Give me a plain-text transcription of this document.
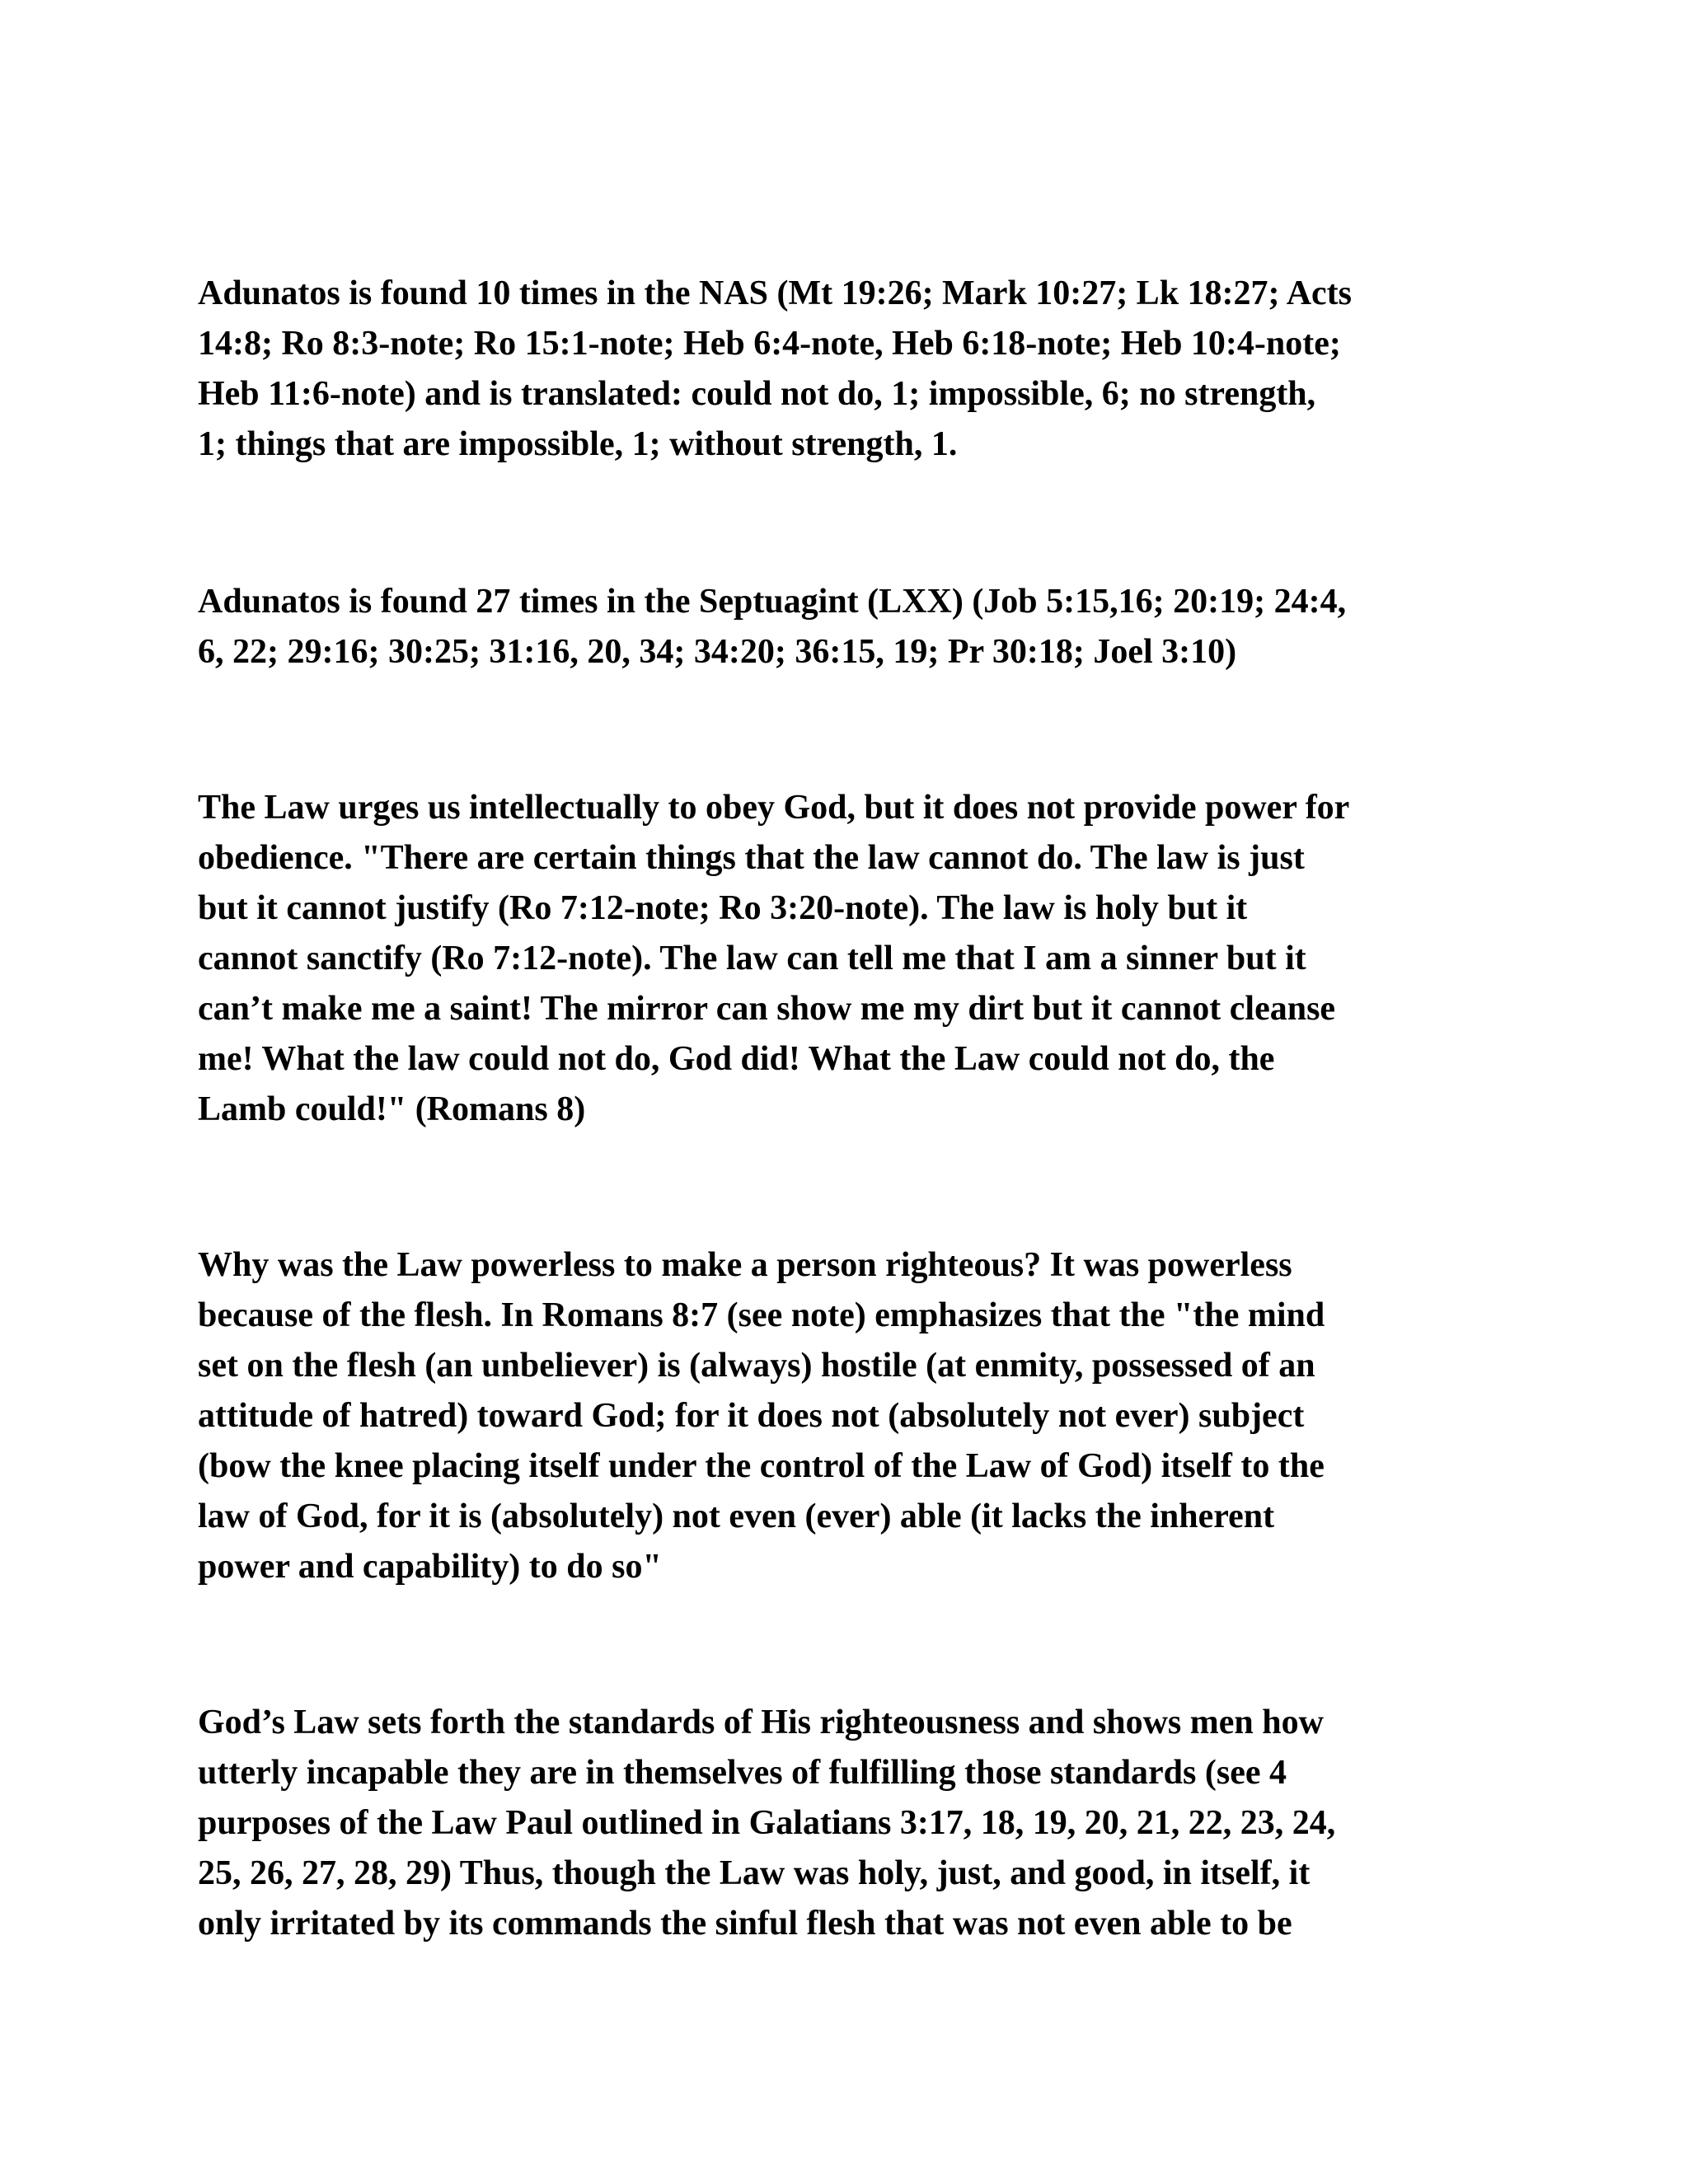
Adunatos is found 10 times in the NAS (Mt 19:26; Mark 10:27; Lk 18:27; Acts
14:8; Ro 8:3-note; Ro 15:1-note; Heb 6:4-note, Heb 6:18-note; Heb 10:4-note;
Heb 11:6-note) and is translated: could not do, 1; impossible, 6; no strength,
1; things that are impossible, 1; without strength, 1.

Adunatos is found 27 times in the Septuagint (LXX) (Job 5:15,16; 20:19; 24:4,
6, 22; 29:16; 30:25; 31:16, 20, 34; 34:20; 36:15, 19; Pr 30:18; Joel 3:10)

The Law urges us intellectually to obey God, but it does not provide power for
obedience. "There are certain things that the law cannot do. The law is just
but it cannot justify (Ro 7:12-note; Ro 3:20-note). The law is holy but it
cannot sanctify (Ro 7:12-note). The law can tell me that I am a sinner but it
can’t make me a saint! The mirror can show me my dirt but it cannot cleanse
me! What the law could not do, God did! What the Law could not do, the
Lamb could!" (Romans 8)

Why was the Law powerless to make a person righteous? It was powerless
because of the flesh. In Romans 8:7 (see note) emphasizes that the "the mind
set on the flesh (an unbeliever) is (always) hostile (at enmity, possessed of an
attitude of hatred) toward God; for it does not (absolutely not ever) subject
(bow the knee placing itself under the control of the Law of God) itself to the
law of God, for it is (absolutely) not even (ever) able (it lacks the inherent
power and capability) to do so"

God’s Law sets forth the standards of His righteousness and shows men how
utterly incapable they are in themselves of fulfilling those standards (see 4
purposes of the Law Paul outlined in Galatians 3:17, 18, 19, 20, 21, 22, 23, 24,
25, 26, 27, 28, 29) Thus, though the Law was holy, just, and good, in itself, it
only irritated by its commands the sinful flesh that was not even able to be
